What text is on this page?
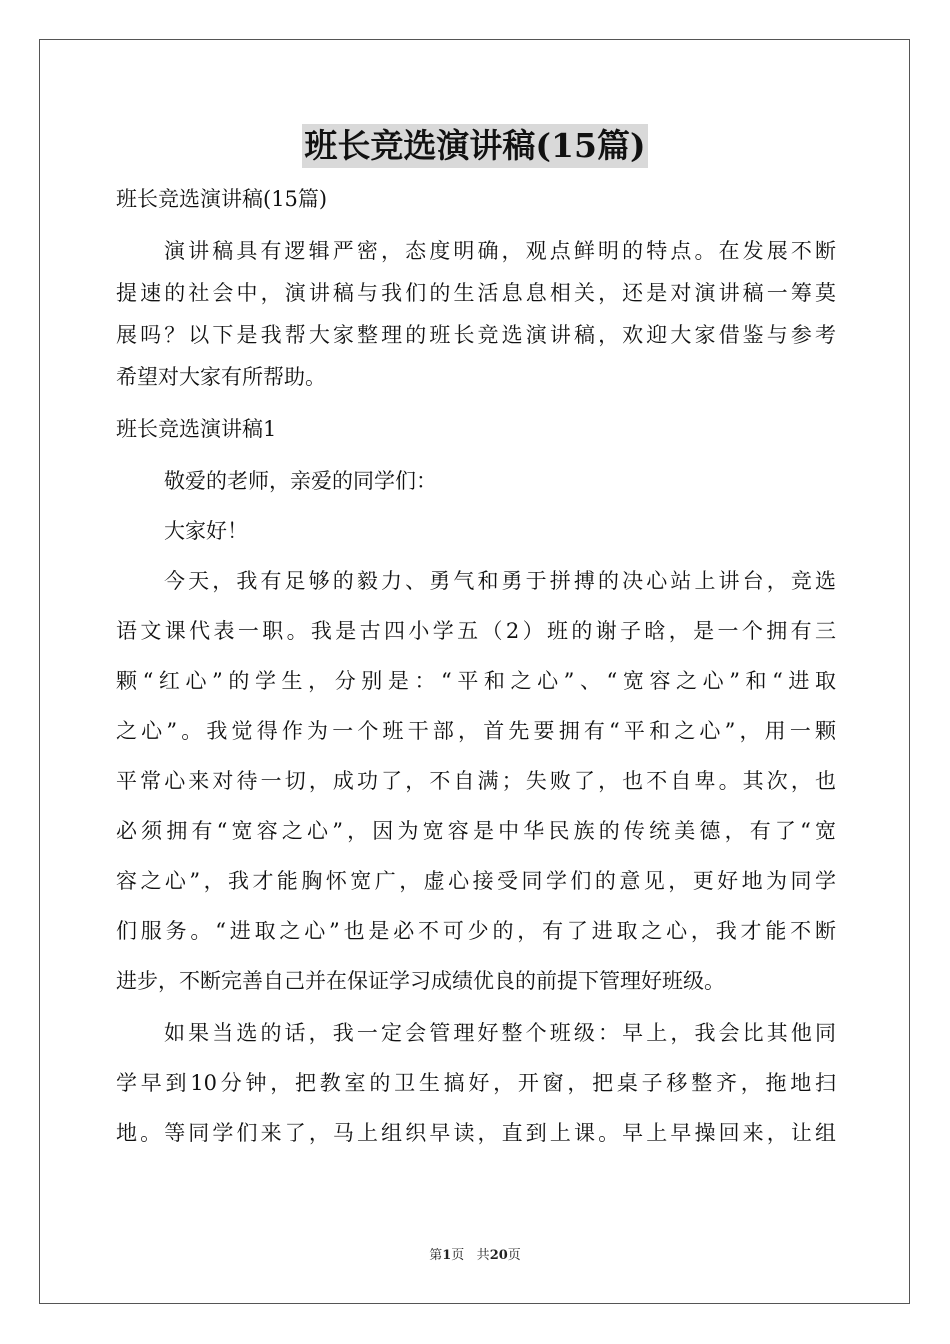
班长竞选演讲稿(15篇)
班长竞选演讲稿(15篇)
演讲稿具有逻辑严密，态度明确，观点鲜明的特点。在发展不断
提速的社会中，演讲稿与我们的生活息息相关，还是对演讲稿一筹莫
展吗？以下是我帮大家整理的班长竞选演讲稿，欢迎大家借鉴与参考
希望对大家有所帮助。
班长竞选演讲稿1
敬爱的老师，亲爱的同学们：
大家好！
今天，我有足够的毅力、勇气和勇于拼搏的决心站上讲台，竞选
语文课代表一职。我是古四小学五（2）班的谢子晗，是一个拥有三
颗“红心”的学生，分别是：“平和之心”、“宽容之心”和“进取
之心”。我觉得作为一个班干部，首先要拥有“平和之心”，用一颗
平常心来对待一切，成功了，不自满；失败了，也不自卑。其次，也
必须拥有“宽容之心”，因为宽容是中华民族的传统美德，有了“宽
容之心”，我才能胸怀宽广，虚心接受同学们的意见，更好地为同学
们服务。“进取之心”也是必不可少的，有了进取之心，我才能不断
进步，不断完善自己并在保证学习成绩优良的前提下管理好班级。
如果当选的话，我一定会管理好整个班级：早上，我会比其他同
学早到10分钟，把教室的卫生搞好，开窗，把桌子移整齐，拖地扫
地。等同学们来了，马上组织早读，直到上课。早上早操回来，让组
第1页 共20页
